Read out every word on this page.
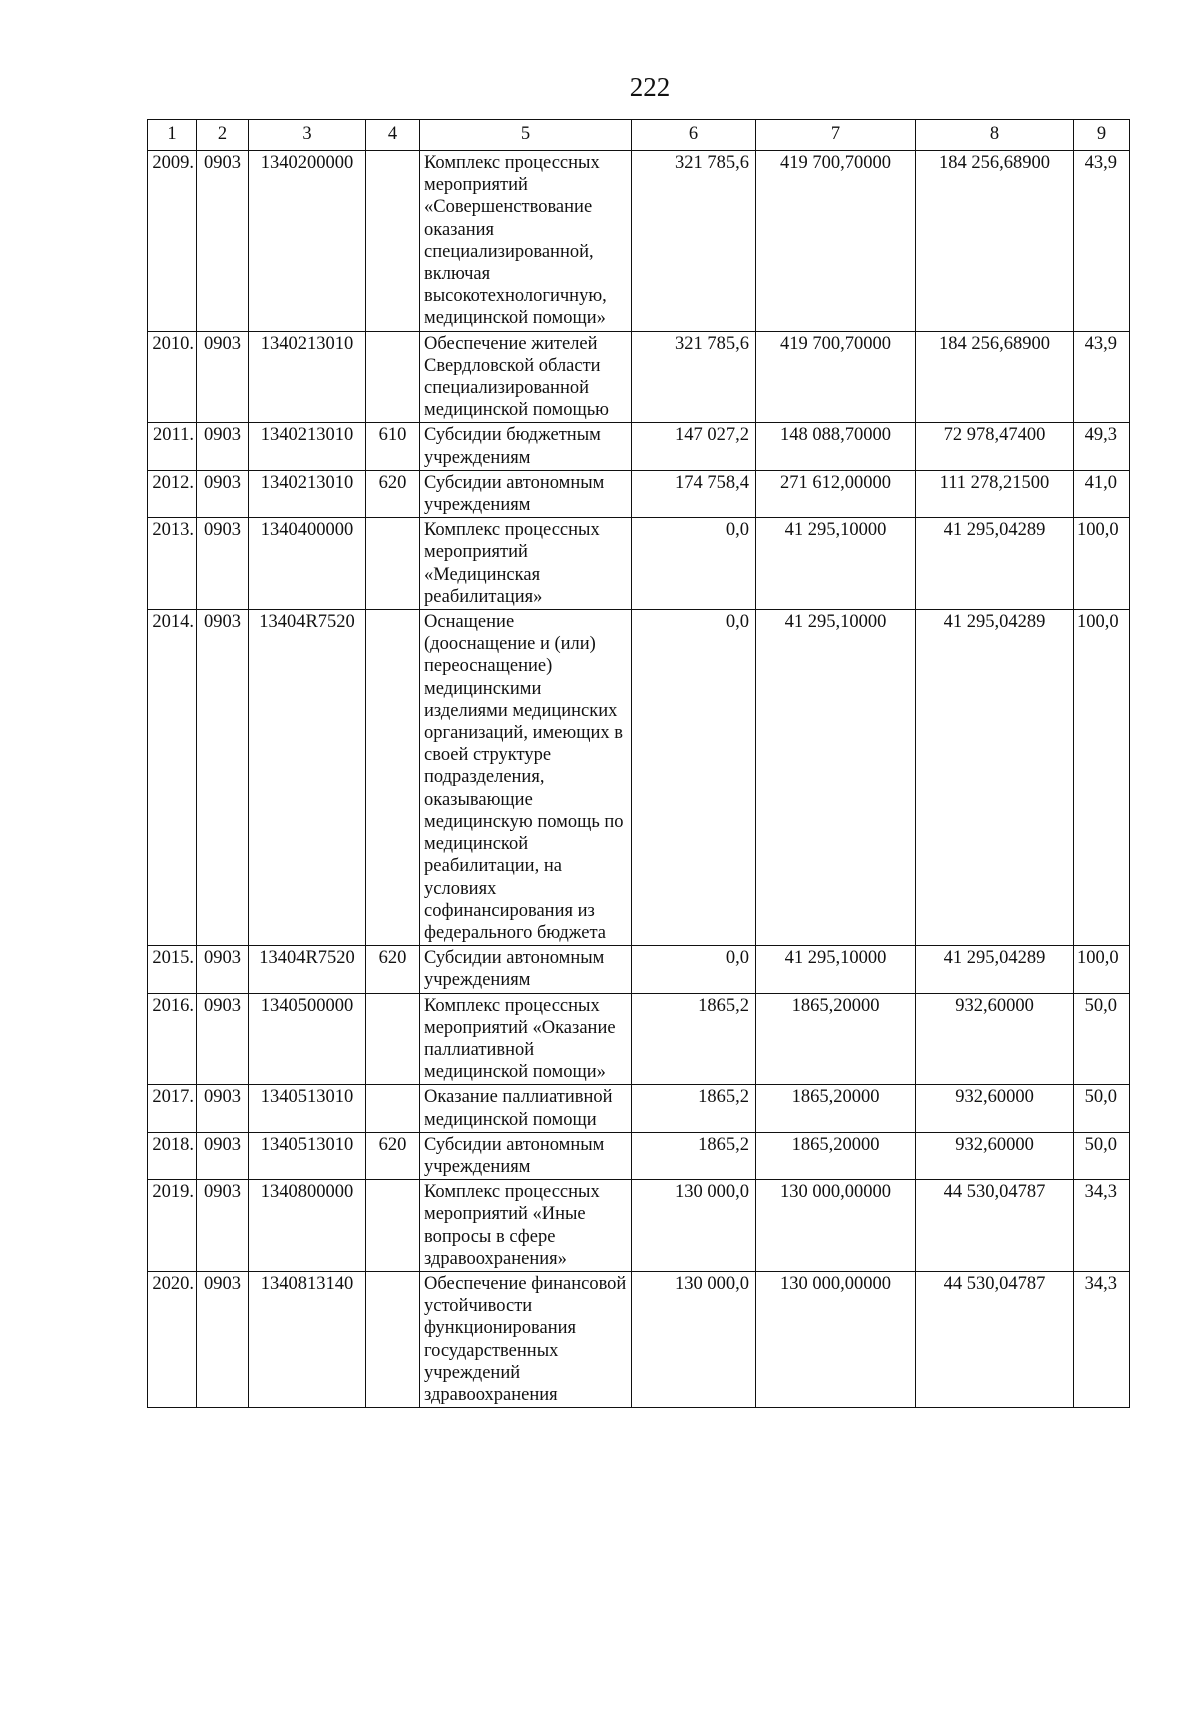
222
1	2	3	4	5	6	7	8	9
2009.	0903	1340200000		Комплекс процессных мероприятий «Совершенствование оказания специализированной, включая высокотехнологичную, медицинской помощи»	321 785,6	419 700,70000	184 256,68900	43,9
2010.	0903	1340213010		Обеспечение жителей Свердловской области специализированной медицинской помощью	321 785,6	419 700,70000	184 256,68900	43,9
2011.	0903	1340213010	610	Субсидии бюджетным учреждениям	147 027,2	148 088,70000	72 978,47400	49,3
2012.	0903	1340213010	620	Субсидии автономным учреждениям	174 758,4	271 612,00000	111 278,21500	41,0
2013.	0903	1340400000		Комплекс процессных мероприятий «Медицинская реабилитация»	0,0	41 295,10000	41 295,04289	100,0
2014.	0903	13404R7520		Оснащение (дооснащение и (или) переоснащение) медицинскими изделиями медицинских организаций, имеющих в своей структуре подразделения, оказывающие медицинскую помощь по медицинской реабилитации, на условиях софинансирования из федерального бюджета	0,0	41 295,10000	41 295,04289	100,0
2015.	0903	13404R7520	620	Субсидии автономным учреждениям	0,0	41 295,10000	41 295,04289	100,0
2016.	0903	1340500000		Комплекс процессных мероприятий «Оказание паллиативной медицинской помощи»	1865,2	1865,20000	932,60000	50,0
2017.	0903	1340513010		Оказание паллиативной медицинской помощи	1865,2	1865,20000	932,60000	50,0
2018.	0903	1340513010	620	Субсидии автономным учреждениям	1865,2	1865,20000	932,60000	50,0
2019.	0903	1340800000		Комплекс процессных мероприятий «Иные вопросы в сфере здравоохранения»	130 000,0	130 000,00000	44 530,04787	34,3
2020.	0903	1340813140		Обеспечение финансовой устойчивости функционирования государственных учреждений здравоохранения	130 000,0	130 000,00000	44 530,04787	34,3
